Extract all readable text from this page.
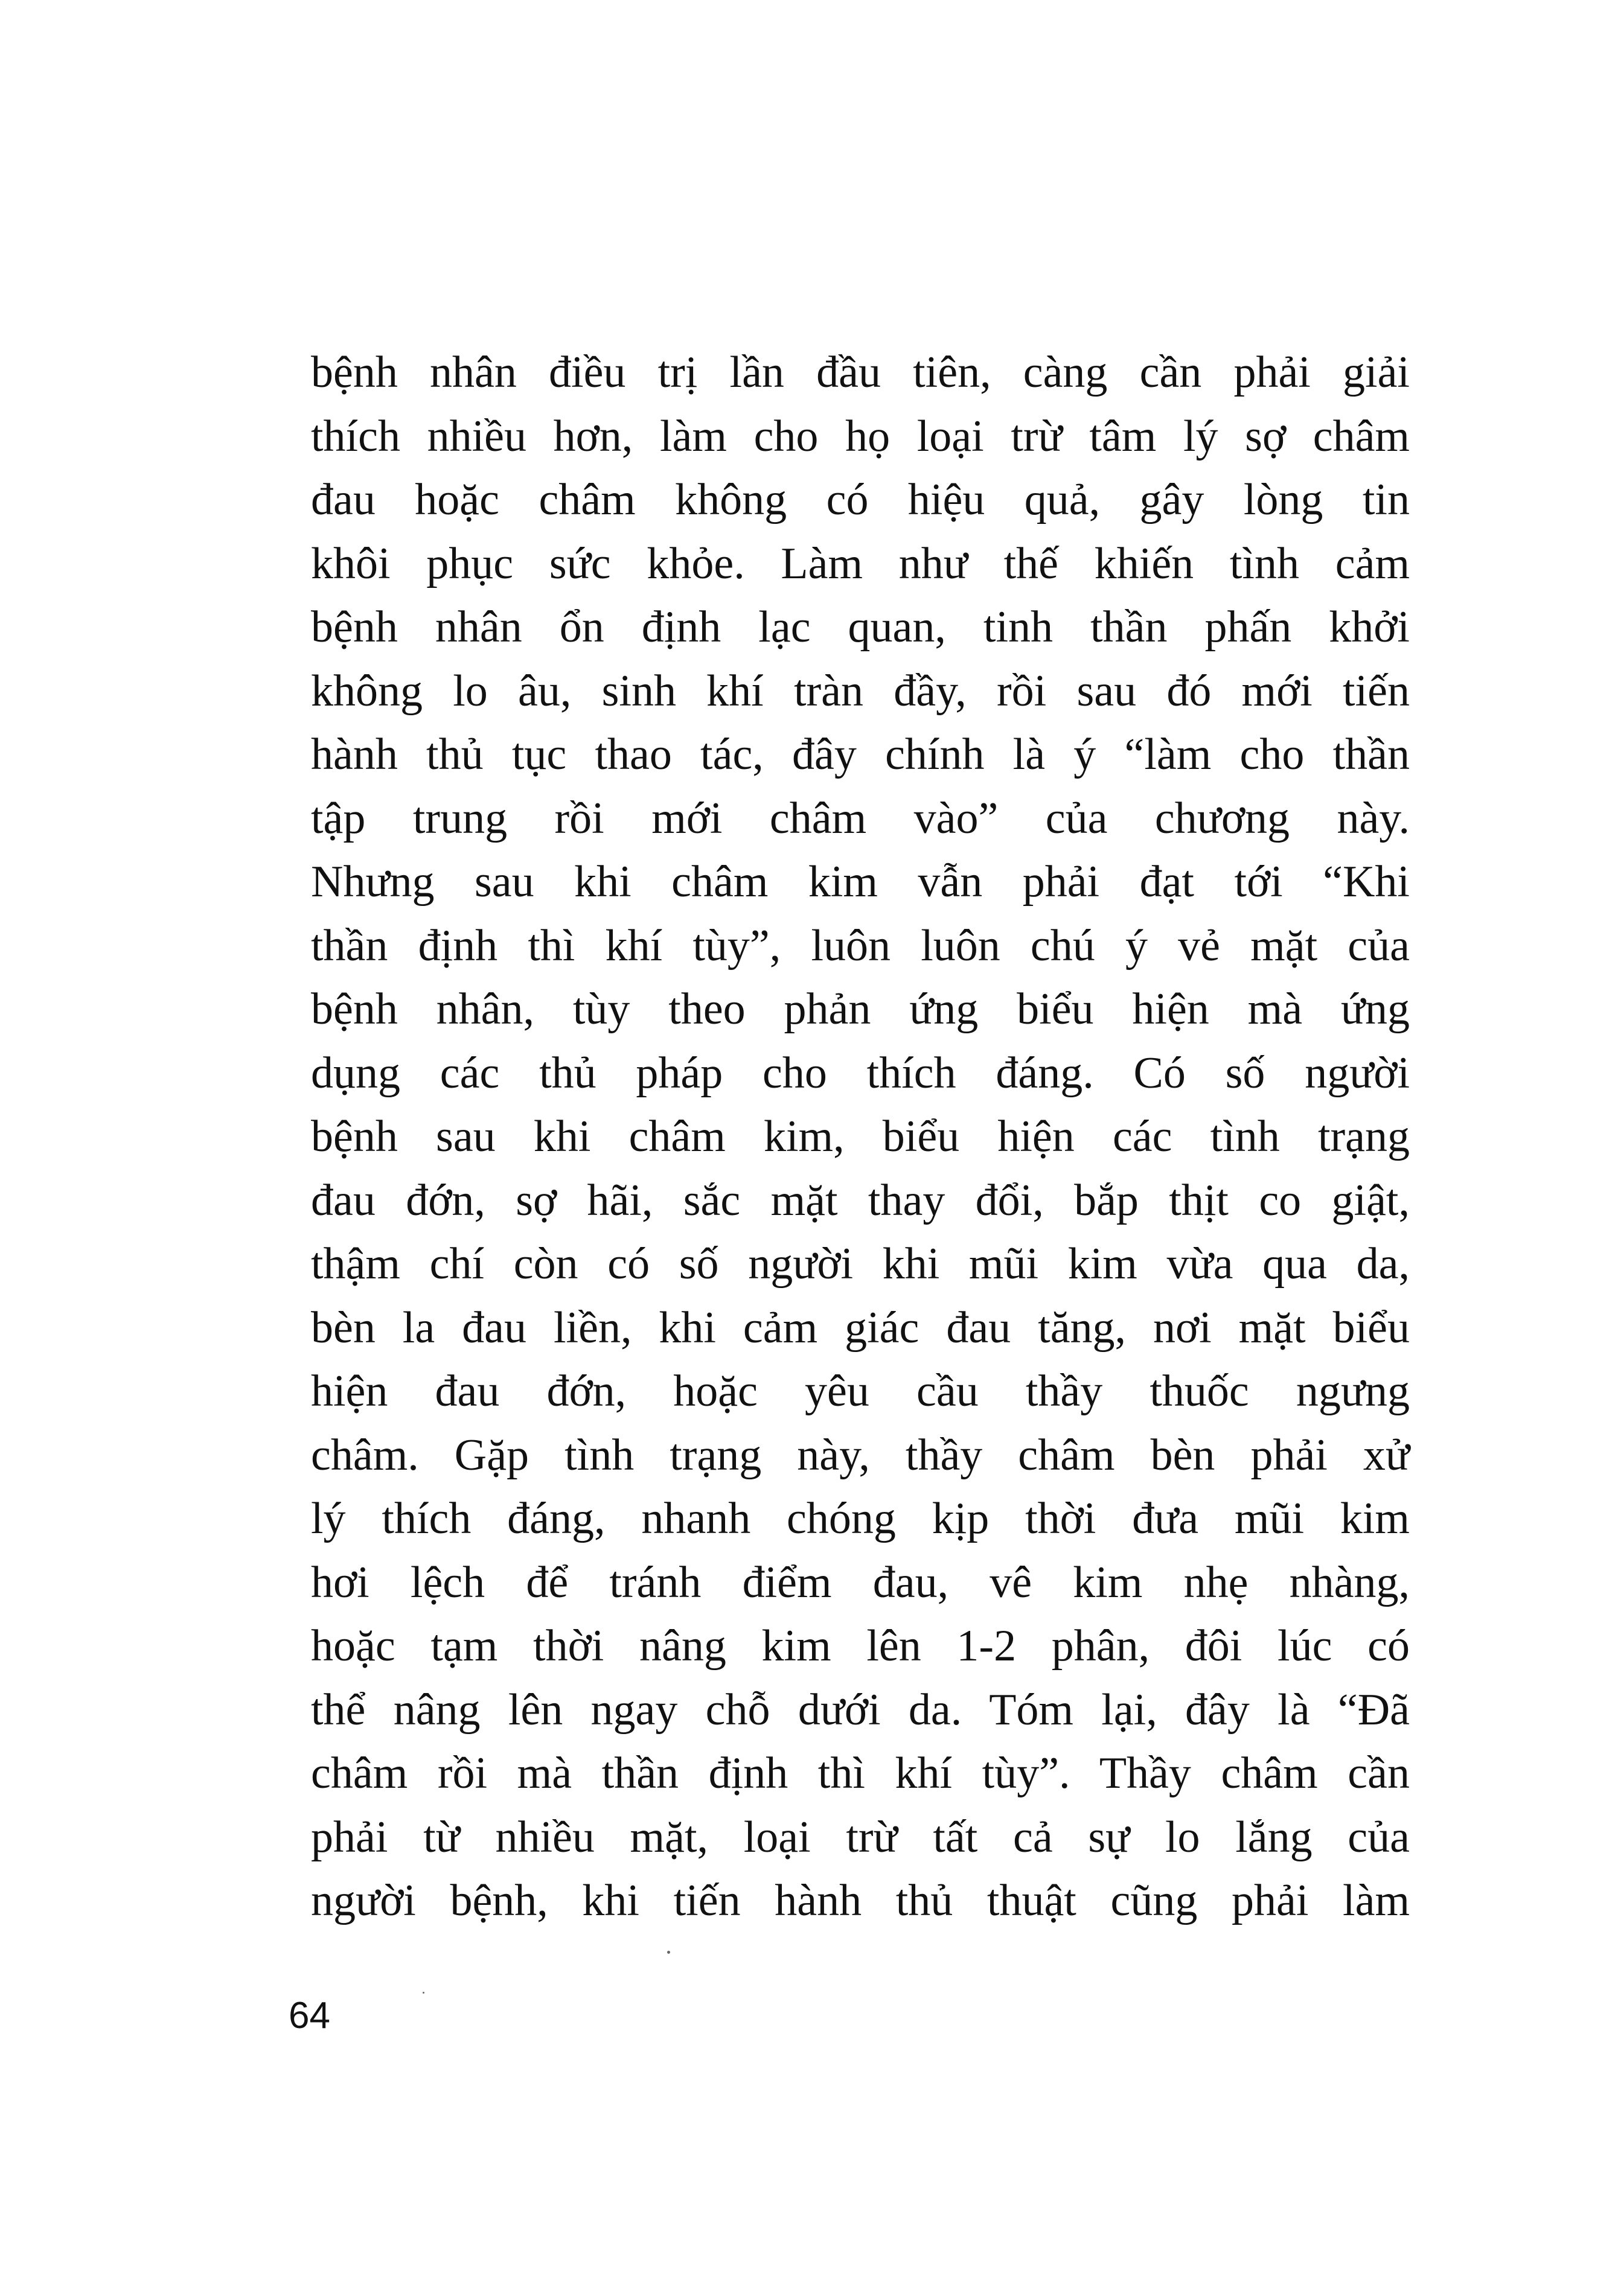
bệnh nhân điều trị lần đầu tiên, càng cần phải giải
thích nhiều hơn, làm cho họ loại trừ tâm lý sợ châm
đau hoặc châm không có hiệu quả, gây lòng tin
khôi phục sức khỏe. Làm như thế khiến tình cảm
bệnh nhân ổn định lạc quan, tinh thần phấn khởi
không lo âu, sinh khí tràn đầy, rồi sau đó mới tiến
hành thủ tục thao tác, đây chính là ý “làm cho thần
tập trung rồi mới châm vào” của chương này.
Nhưng sau khi châm kim vẫn phải đạt tới “Khi
thần định thì khí tùy”, luôn luôn chú ý vẻ mặt của
bệnh nhân, tùy theo phản ứng biểu hiện mà ứng
dụng các thủ pháp cho thích đáng. Có số người
bệnh sau khi châm kim, biểu hiện các tình trạng
đau đớn, sợ hãi, sắc mặt thay đổi, bắp thịt co giật,
thậm chí còn có số người khi mũi kim vừa qua da,
bèn la đau liền, khi cảm giác đau tăng, nơi mặt biểu
hiện đau đớn, hoặc yêu cầu thầy thuốc ngưng
châm. Gặp tình trạng này, thầy châm bèn phải xử
lý thích đáng, nhanh chóng kịp thời đưa mũi kim
hơi lệch để tránh điểm đau, vê kim nhẹ nhàng,
hoặc tạm thời nâng kim lên 1-2 phân, đôi lúc có
thể nâng lên ngay chỗ dưới da. Tóm lại, đây là “Đã
châm rồi mà thần định thì khí tùy”. Thầy châm cần
phải từ nhiều mặt, loại trừ tất cả sự lo lắng của
người bệnh, khi tiến hành thủ thuật cũng phải làm
64
